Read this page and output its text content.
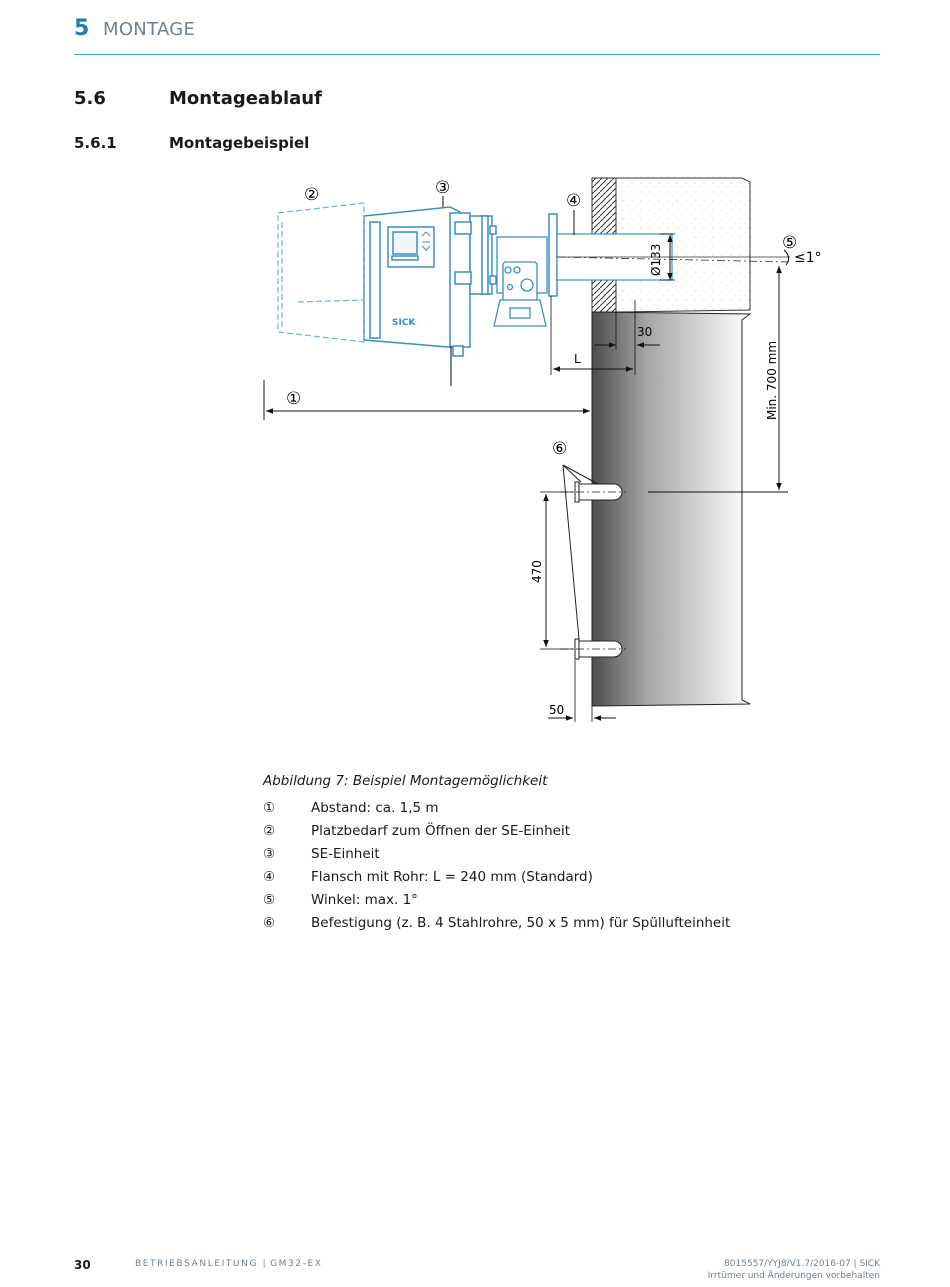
5 MONTAGE
5.6	Montageablauf
5.6.1	Montagebeispiel
SICK
L
30
Ø133	≤1°
Min. 700 mm
470
50
①
②	③
④
⑤
⑥
Abbildung 7: Beispiel Montagemöglichkeit
①	Abstand: ca. 1,5 m
②	Platzbedarf zum Öffnen der SE-Einheit
③	SE-Einheit
④	Flansch mit Rohr: L = 240 mm (Standard)
⑤	Winkel: max. 1°
⑥	Befestigung (z. B. 4 Stahlrohre, 50 x 5 mm) für Spüllufteinheit
30	BETRIEBSANLEITUNG | GM32-EX	8015557/YYJ8/V1.7/2016-07 | SICK
Irrtümer und Änderungen vorbehalten
